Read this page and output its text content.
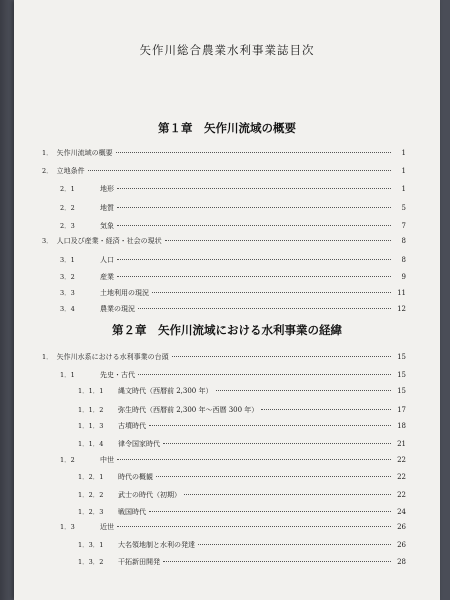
矢作川総合農業水利事業誌目次
第１章　矢作川流域の概要
第２章　矢作川流域における水利事業の経緯
1． 矢作川流域の概要	1
2． 立地条件	1
2．1	地形	1
2．2	地質	5
2．3	気象	7
3． 人口及び産業・経済・社会の現状	8
3．1	人口	8
3．2	産業	9
3．3	土地利用の現況	11
3．4	農業の現況	12
1． 矢作川水系における水利事業の台頭	15
1．1	先史・古代	15
1．1．1	縄文時代（西暦前 2,300 年）	15
1．1．2	弥生時代（西暦前 2,300 年～西暦 300 年）	17
1．1．3	古墳時代	18
1．1．4	律令国家時代	21
1．2	中世	22
1．2．1	時代の概観	22
1．2．2	武士の時代（初期）	22
1．2．3	戦国時代	24
1．3	近世	26
1．3．1	大名領地制と水利の発達	26
1．3．2	干拓新田開発	28
